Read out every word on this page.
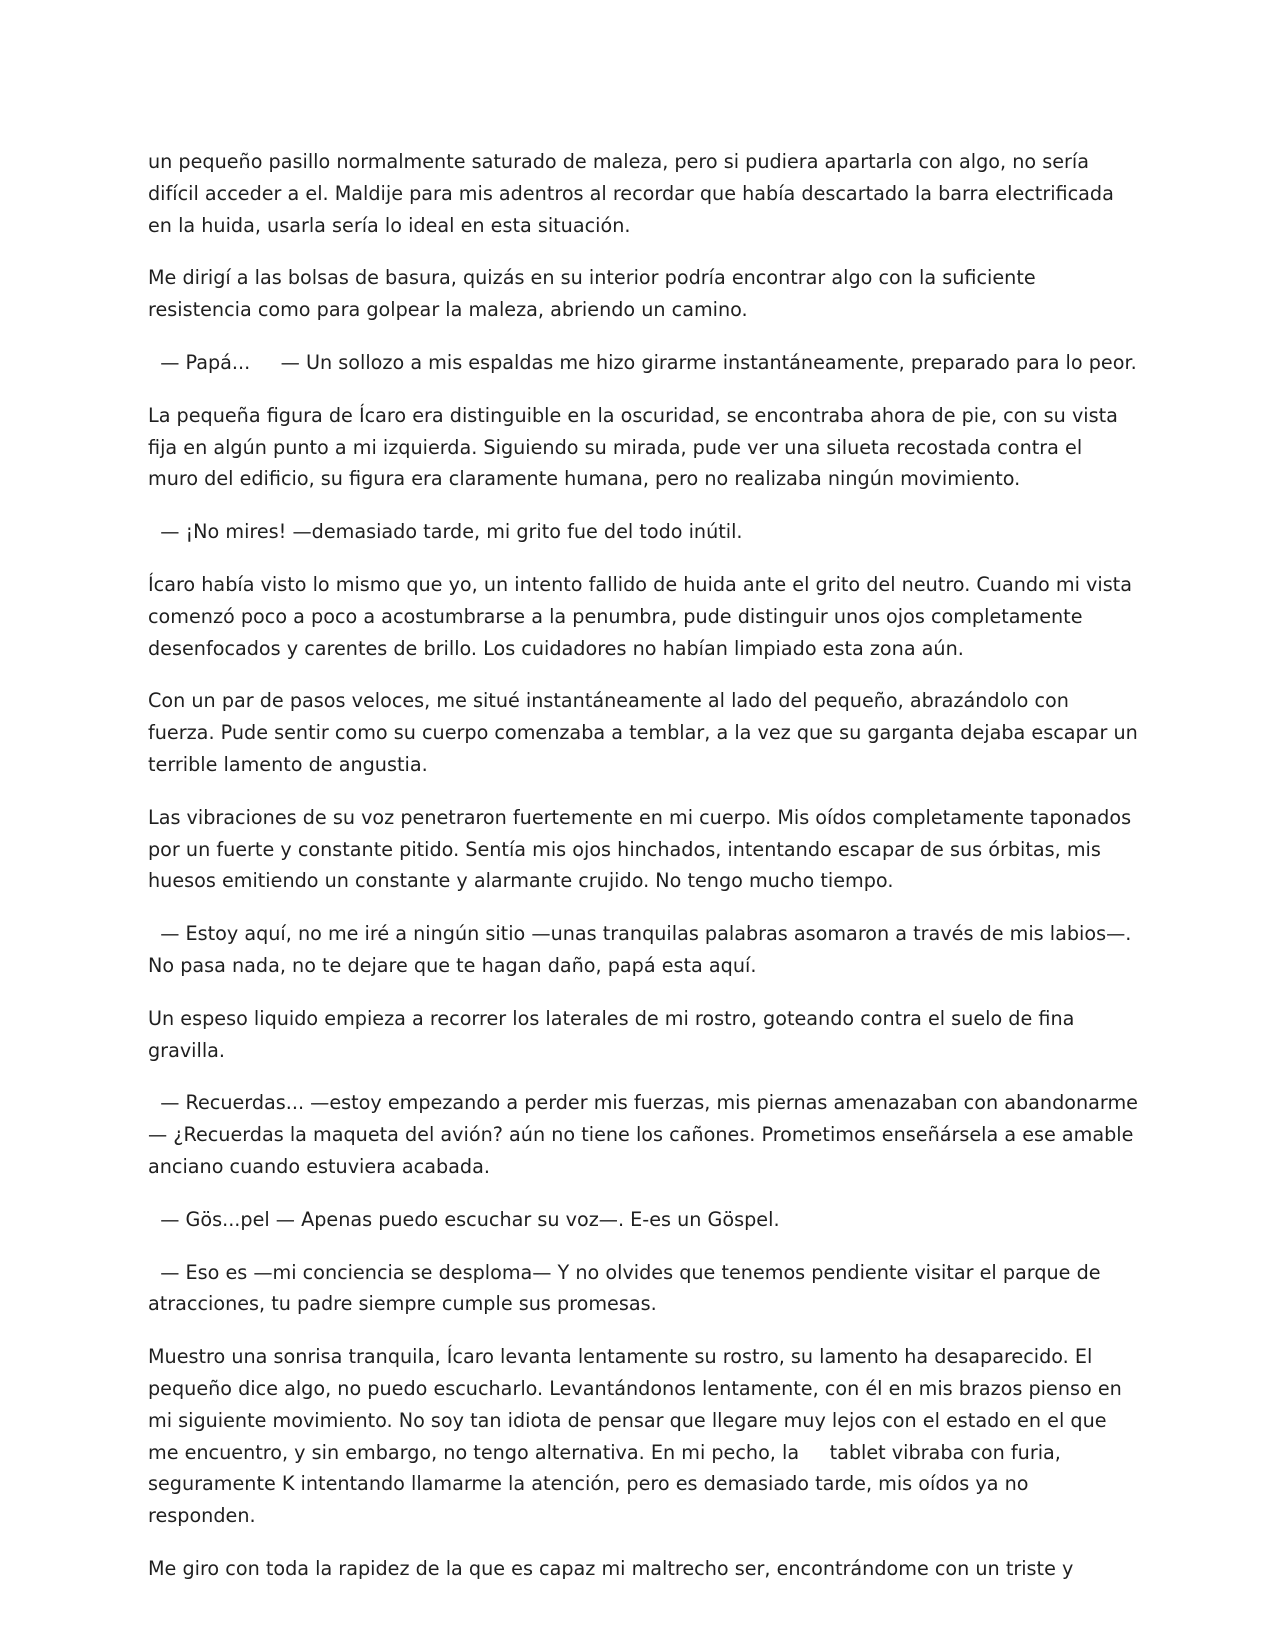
un pequeño pasillo normalmente saturado de maleza, pero si pudiera apartarla con algo, no sería difícil acceder a el. Maldije para mis adentros al recordar que había descartado la barra electrificada en la huida, usarla sería lo ideal en esta situación.

Me dirigí a las bolsas de basura, quizás en su interior podría encontrar algo con la suficiente resistencia como para golpear la maleza, abriendo un camino.

— Papá...     — Un sollozo a mis espaldas me hizo girarme instantáneamente, preparado para lo peor.

La pequeña figura de Ícaro era distinguible en la oscuridad, se encontraba ahora de pie, con su vista fija en algún punto a mi izquierda. Siguiendo su mirada, pude ver una silueta recostada contra el muro del edificio, su figura era claramente humana, pero no realizaba ningún movimiento.

— ¡No mires! —demasiado tarde, mi grito fue del todo inútil.

Ícaro había visto lo mismo que yo, un intento fallido de huida ante el grito del neutro. Cuando mi vista comenzó poco a poco a acostumbrarse a la penumbra, pude distinguir unos ojos completamente desenfocados y carentes de brillo. Los cuidadores no habían limpiado esta zona aún.

Con un par de pasos veloces, me situé instantáneamente al lado del pequeño, abrazándolo con fuerza. Pude sentir como su cuerpo comenzaba a temblar, a la vez que su garganta dejaba escapar un terrible lamento de angustia.

Las vibraciones de su voz penetraron fuertemente en mi cuerpo. Mis oídos completamente taponados por un fuerte y constante pitido. Sentía mis ojos hinchados, intentando escapar de sus órbitas, mis huesos emitiendo un constante y alarmante crujido. No tengo mucho tiempo.

— Estoy aquí, no me iré a ningún sitio —unas tranquilas palabras asomaron a través de mis labios—. No pasa nada, no te dejare que te hagan daño, papá esta aquí.

Un espeso liquido empieza a recorrer los laterales de mi rostro, goteando contra el suelo de fina gravilla.

— Recuerdas... —estoy empezando a perder mis fuerzas, mis piernas amenazaban con abandonarme— ¿Recuerdas la maqueta del avión? aún no tiene los cañones. Prometimos enseñársela a ese amable anciano cuando estuviera acabada.

— Gös...pel — Apenas puedo escuchar su voz—. E-es un Göspel.

— Eso es —mi conciencia se desploma— Y no olvides que tenemos pendiente visitar el parque de atracciones, tu padre siempre cumple sus promesas.

Muestro una sonrisa tranquila, Ícaro levanta lentamente su rostro, su lamento ha desaparecido. El pequeño dice algo, no puedo escucharlo. Levantándonos lentamente, con él en mis brazos pienso en mi siguiente movimiento. No soy tan idiota de pensar que llegare muy lejos con el estado en el que me encuentro, y sin embargo, no tengo alternativa. En mi pecho, la     tablet vibraba con furia, seguramente K intentando llamarme la atención, pero es demasiado tarde, mis oídos ya no responden.

Me giro con toda la rapidez de la que es capaz mi maltrecho ser, encontrándome con un triste y
